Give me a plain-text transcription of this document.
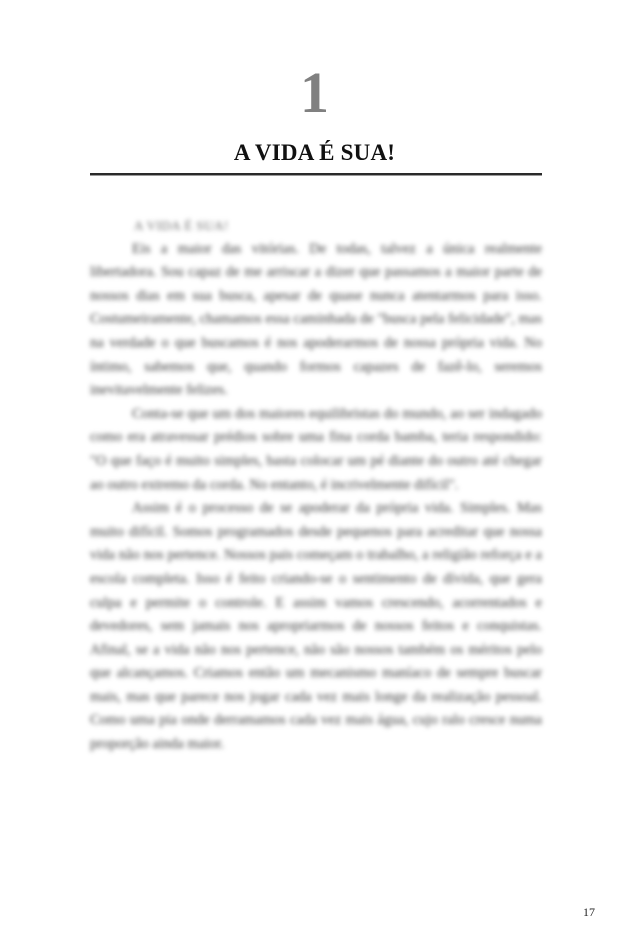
1
A VIDA É SUA!
A VIDA É SUA!

Eis a maior das vitórias. De todas, talvez a única realmente libertadora. Sou capaz de me arriscar a dizer que passamos a maior parte de nossos dias em sua busca, apesar de quase nunca atentarmos para isso. Costumeiramente, chamamos essa caminhada de "busca pela felicidade", mas na verdade o que buscamos é nos apoderarmos de nossa própria vida. No íntimo, sabemos que, quando formos capazes de fazê-lo, seremos inevitavelmente felizes.

Conta-se que um dos maiores equilibristas do mundo, ao ser indagado como era atravessar prédios sobre uma fina corda bamba, teria respondido: "O que faço é muito simples, basta colocar um pé diante do outro até chegar ao outro extremo da corda. No entanto, é incrivelmente difícil".

Assim é o processo de se apoderar da própria vida. Simples. Mas muito difícil. Somos programados desde pequenos para acreditar que nossa vida não nos pertence. Nossos pais começam o trabalho, a religião reforça e a escola completa. Isso é feito criando-se o sentimento de dívida, que gera culpa e permite o controle. E assim vamos crescendo, acorrentados e devedores, sem jamais nos apropriarmos de nossos feitos e conquistas. Afinal, se a vida não nos pertence, não são nossos também os méritos pelo que alcançamos. Criamos então um mecanismo maníaco de sempre buscar mais, mas que parece nos jogar cada vez mais longe da realização pessoal. Como uma pia onde derramamos cada vez mais água, cujo ralo cresce numa proporção ainda maior.

17
